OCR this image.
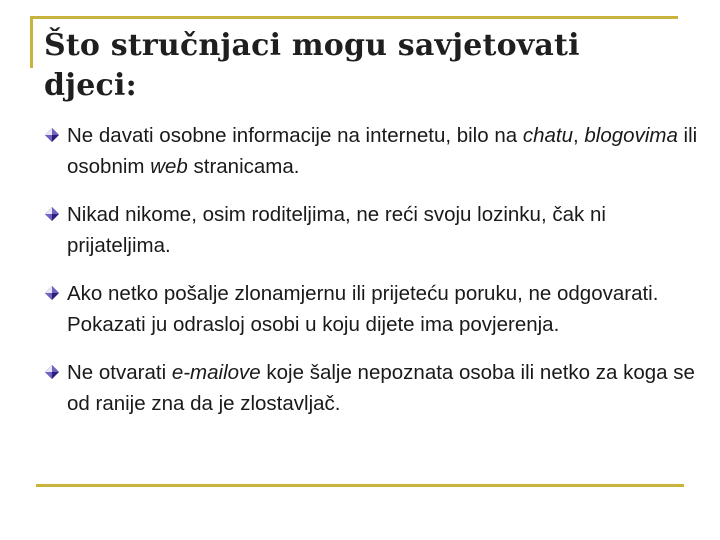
Što stručnjaci mogu savjetovati djeci:
Ne davati osobne informacije na internetu, bilo na chatu, blogovima ili osobnim web stranicama.
Nikad nikome, osim roditeljima, ne reći svoju lozinku, čak ni prijateljima.
Ako netko pošalje zlonamjernu ili prijeteću poruku, ne odgovarati. Pokazati ju odrasloj osobi u koju dijete ima povjerenja.
Ne otvarati e-mailove koje šalje nepoznata osoba ili netko za koga se od ranije zna da je zlostavljač.
